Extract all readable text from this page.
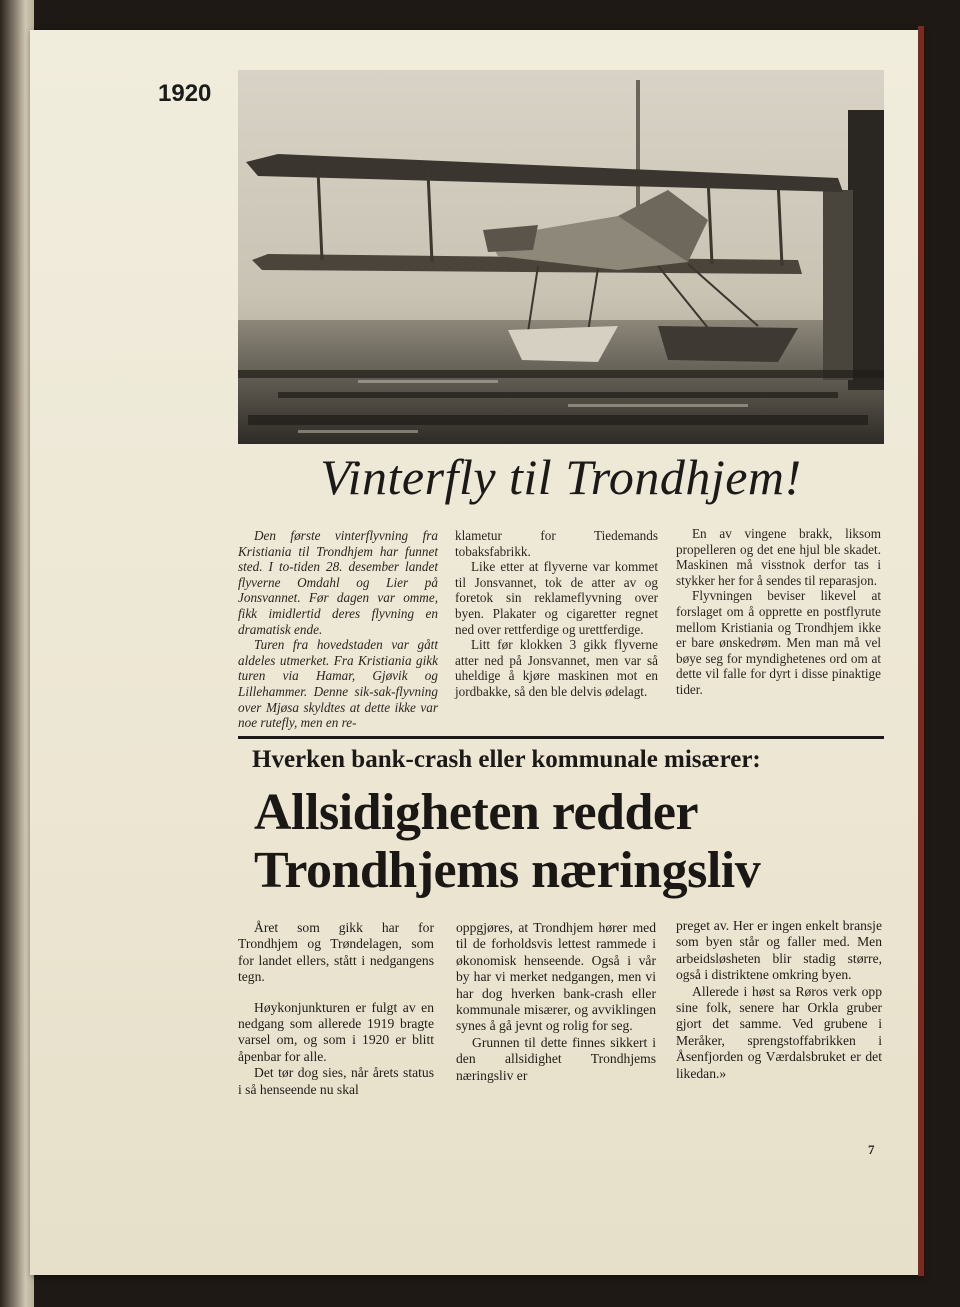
1920
Vinterfly til Trondhjem!

Den første vinterflyvning fra Kristiania til Trondhjem har funnet sted. I to-tiden 28. desember landet flyverne Omdahl og Lier på Jonsvannet. Før dagen var omme, fikk imidlertid deres flyvning en dramatisk ende.

Turen fra hovedstaden var gått aldeles utmerket. Fra Kristiania gikk turen via Hamar, Gjøvik og Lillehammer. Denne sik-sak-flyvning over Mjøsa skyldtes at dette ikke var noe rutefly, men en re-

klametur for Tiedemands tobaksfabrikk.

Like etter at flyverne var kommet til Jonsvannet, tok de atter av og foretok sin reklameflyvning over byen. Plakater og cigaretter regnet ned over rettferdige og urettferdige.

Litt før klokken 3 gikk flyverne atter ned på Jonsvannet, men var så uheldige å kjøre maskinen mot en jordbakke, så den ble delvis ødelagt.

En av vingene brakk, liksom propelleren og det ene hjul ble skadet. Maskinen må visstnok derfor tas i stykker her for å sendes til reparasjon.

Flyvningen beviser likevel at forslaget om å opprette en postflyrute mellom Kristiania og Trondhjem ikke er bare ønskedrøm. Men man må vel bøye seg for myndighetenes ord om at dette vil falle for dyrt i disse pinaktige tider.

Hverken bank-crash eller kommunale misærer:
Allsidigheten redder
Trondhjems næringsliv

Året som gikk har for Trondhjem og Trøndelagen, som for landet ellers, stått i nedgangens tegn.

Høykonjunkturen er fulgt av en nedgang som allerede 1919 bragte varsel om, og som i 1920 er blitt åpenbar for alle.

Det tør dog sies, når årets status i så henseende nu skal

oppgjøres, at Trondhjem hører med til de forholdsvis lettest rammede i økonomisk henseende. Også i vår by har vi merket nedgangen, men vi har dog hverken bank-crash eller kommunale misærer, og avviklingen synes å gå jevnt og rolig for seg.

Grunnen til dette finnes sikkert i den allsidighet Trondhjems næringsliv er

preget av. Her er ingen enkelt bransje som byen står og faller med. Men arbeidsløsheten blir stadig større, også i distriktene omkring byen.

Allerede i høst sa Røros verk opp sine folk, senere har Orkla gruber gjort det samme. Ved grubene i Meråker, sprengstoffabrikken i Åsenfjorden og Værdalsbruket er det likedan.»

7
